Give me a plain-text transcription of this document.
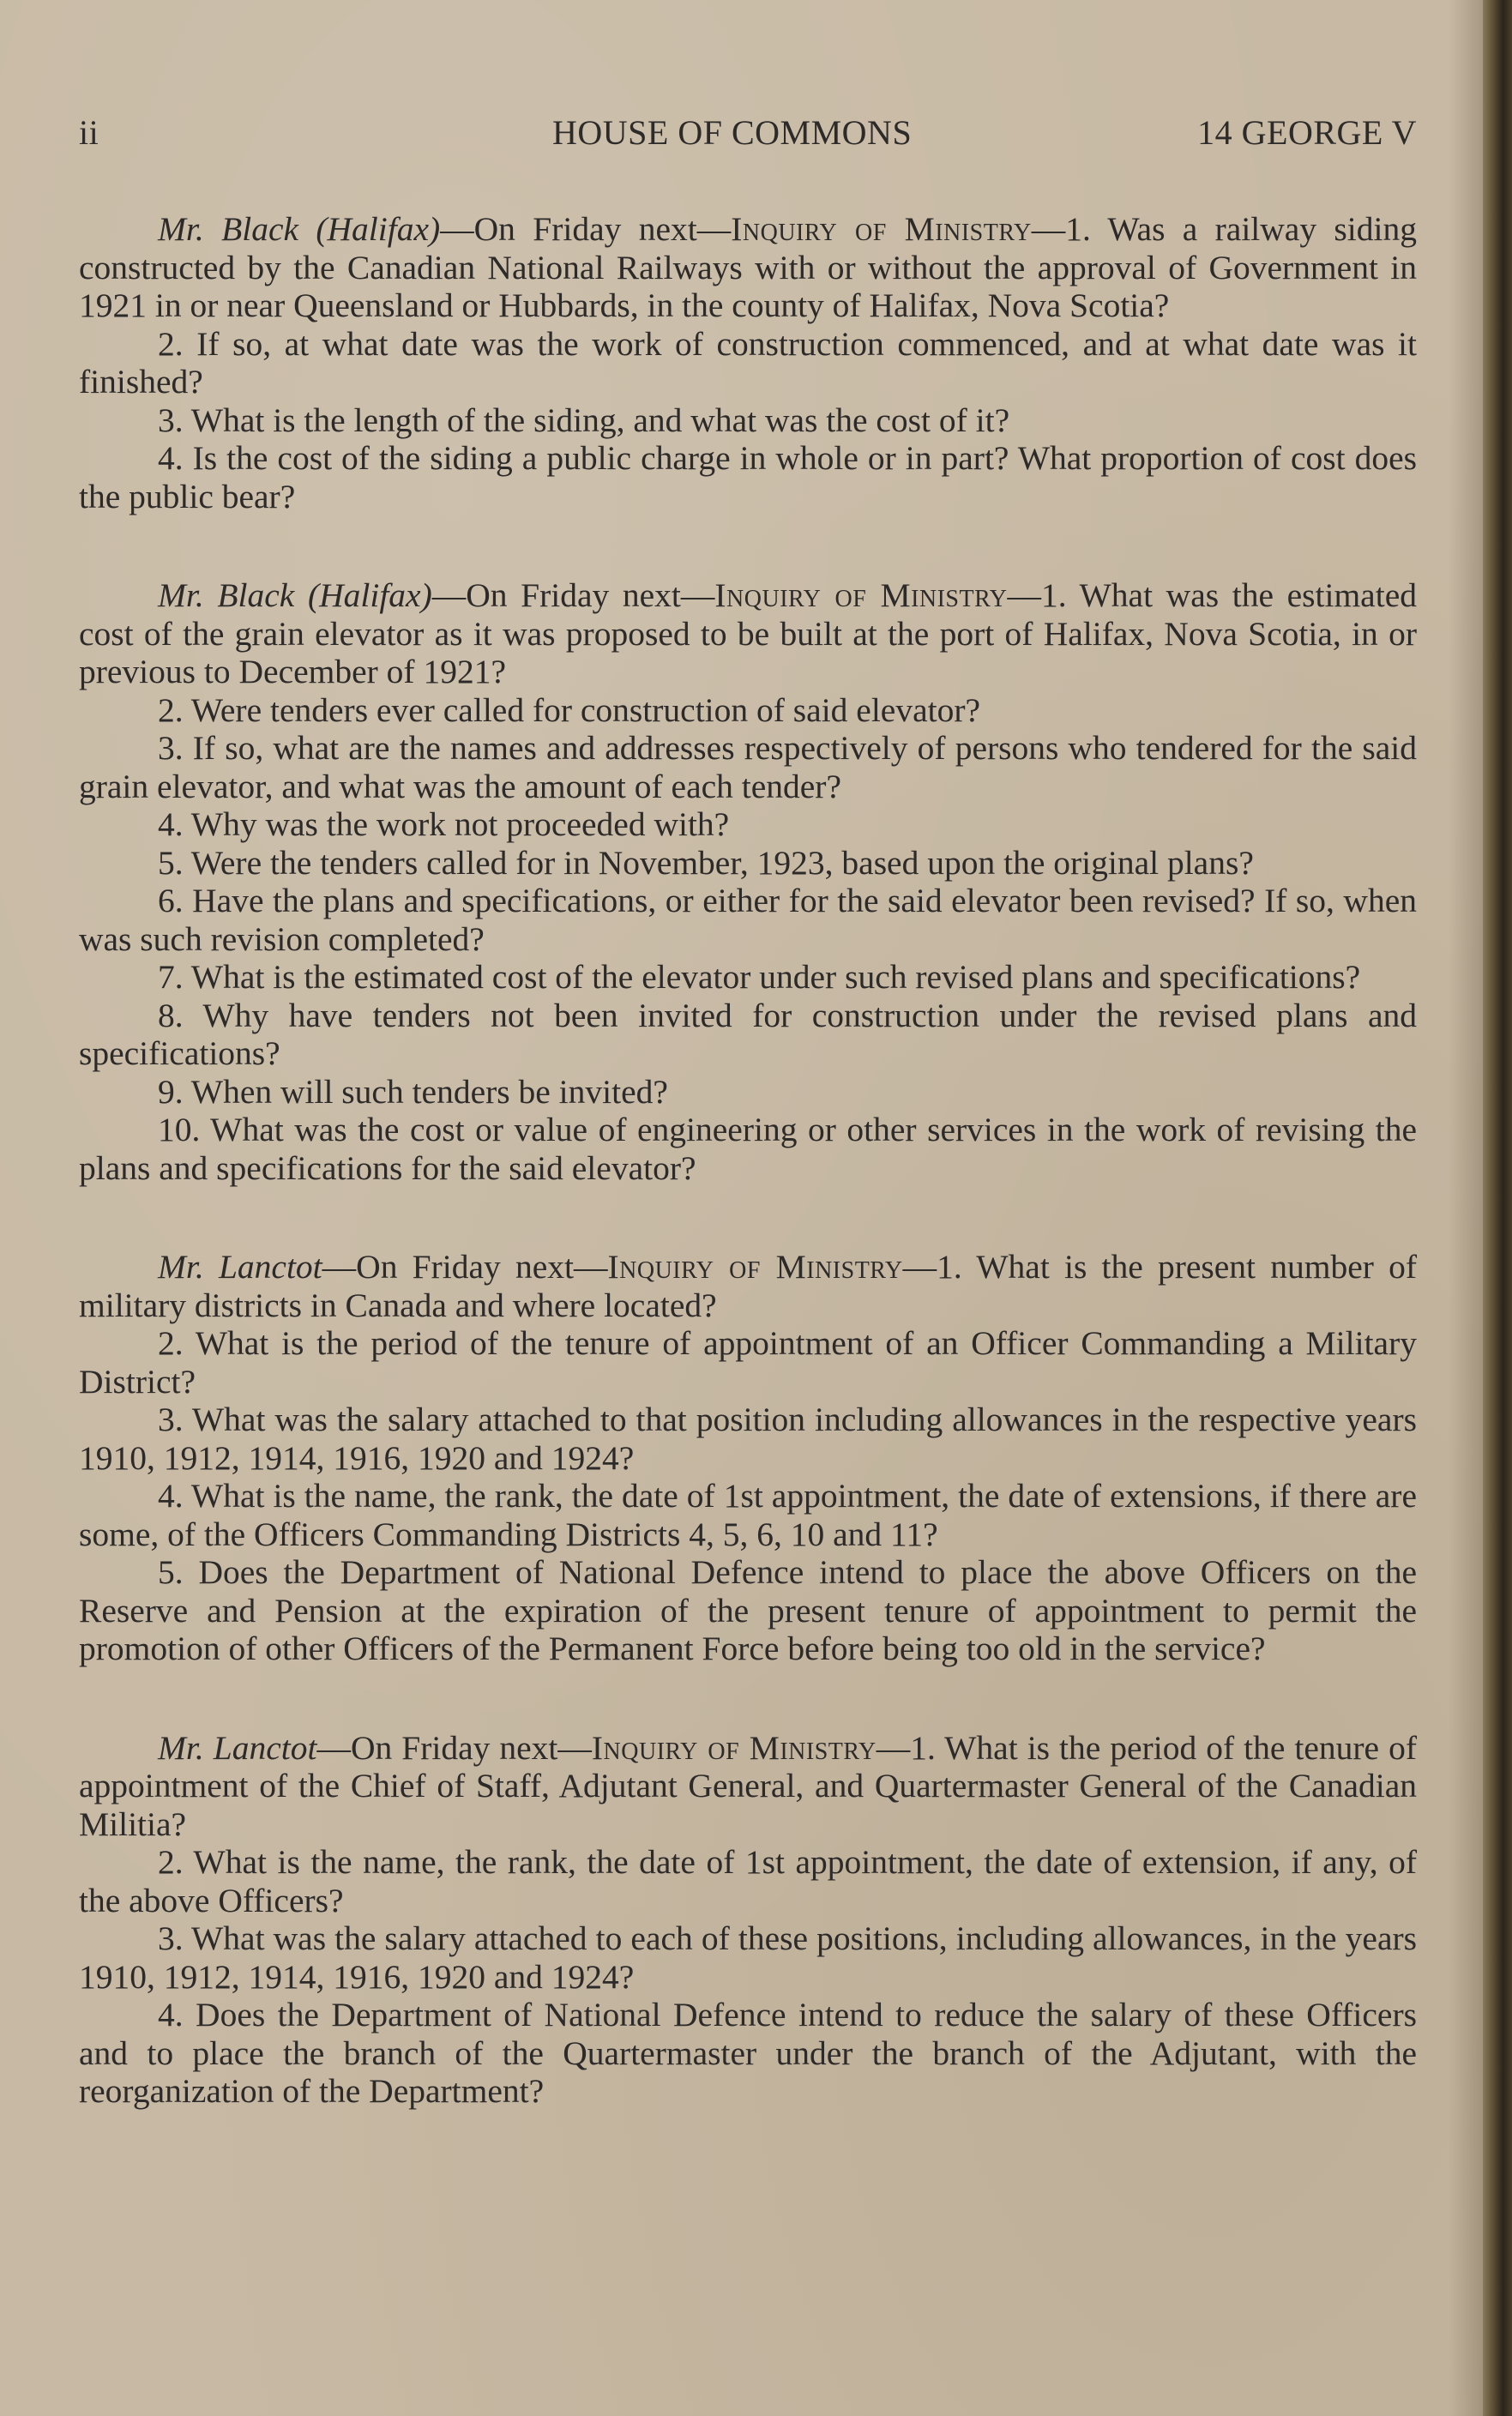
ii	HOUSE OF COMMONS	14 GEORGE V

Mr. Black (Halifax)—On Friday next—Inquiry of Ministry—1. Was a railway siding constructed by the Canadian National Railways with or without the approval of Government in 1921 in or near Queensland or Hubbards, in the county of Halifax, Nova Scotia?

2. If so, at what date was the work of construction commenced, and at what date was it finished?

3. What is the length of the siding, and what was the cost of it?

4. Is the cost of the siding a public charge in whole or in part? What proportion of cost does the public bear?

Mr. Black (Halifax)—On Friday next—Inquiry of Ministry—1. What was the estimated cost of the grain elevator as it was proposed to be built at the port of Halifax, Nova Scotia, in or previous to December of 1921?

2. Were tenders ever called for construction of said elevator?

3. If so, what are the names and addresses respectively of persons who tendered for the said grain elevator, and what was the amount of each tender?

4. Why was the work not proceeded with?

5. Were the tenders called for in November, 1923, based upon the original plans?

6. Have the plans and specifications, or either for the said elevator been revised? If so, when was such revision completed?

7. What is the estimated cost of the elevator under such revised plans and specifications?

8. Why have tenders not been invited for construction under the revised plans and specifications?

9. When will such tenders be invited?

10. What was the cost or value of engineering or other services in the work of revising the plans and specifications for the said elevator?

Mr. Lanctot—On Friday next—Inquiry of Ministry—1. What is the present number of military districts in Canada and where located?

2. What is the period of the tenure of appointment of an Officer Commanding a Military District?

3. What was the salary attached to that position including allowances in the respective years 1910, 1912, 1914, 1916, 1920 and 1924?

4. What is the name, the rank, the date of 1st appointment, the date of extensions, if there are some, of the Officers Commanding Districts 4, 5, 6, 10 and 11?

5. Does the Department of National Defence intend to place the above Officers on the Reserve and Pension at the expiration of the present tenure of appointment to permit the promotion of other Officers of the Permanent Force before being too old in the service?

Mr. Lanctot—On Friday next—Inquiry of Ministry—1. What is the period of the tenure of appointment of the Chief of Staff, Adjutant General, and Quartermaster General of the Canadian Militia?

2. What is the name, the rank, the date of 1st appointment, the date of extension, if any, of the above Officers?

3. What was the salary attached to each of these positions, including allowances, in the years 1910, 1912, 1914, 1916, 1920 and 1924?

4. Does the Department of National Defence intend to reduce the salary of these Officers and to place the branch of the Quartermaster under the branch of the Adjutant, with the reorganization of the Department?
